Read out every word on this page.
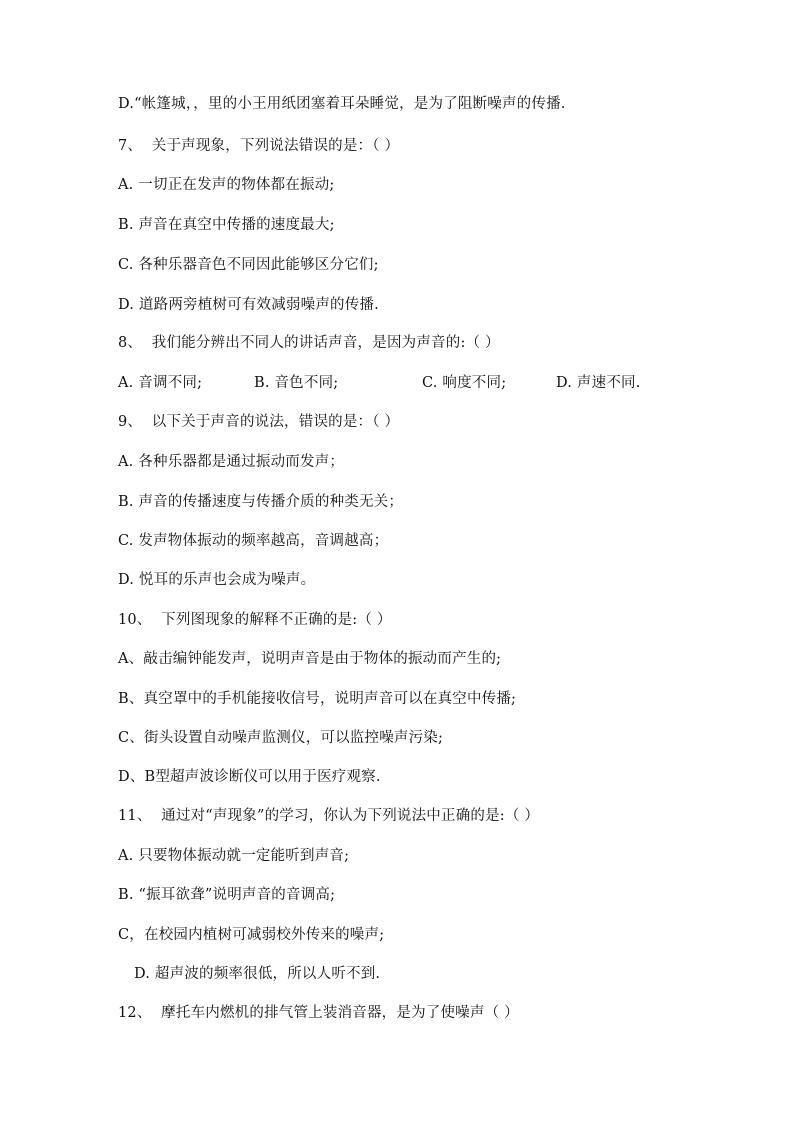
D.“帐篷城，，里的小王用纸团塞着耳朵睡觉，是为了阻断噪声的传播.
7、  关于声现象，下列说法错误的是：（ ）
A. 一切正在发声的物体都在振动;
B. 声音在真空中传播的速度最大;
C. 各种乐器音色不同因此能够区分它们;
D. 道路两旁植树可有效减弱噪声的传播.
8、  我们能分辨出不同人的讲话声音，是因为声音的:（ ）

A. 音调不同;

	B. 音色不同;

	C. 响度不同;

	D. 声速不同.

9、  以下关于声音的说法，错误的是：（ ）
A. 各种乐器都是通过振动而发声；
B. 声音的传播速度与传播介质的种类无关；
C. 发声物体振动的频率越高，音调越高；
D. 悦耳的乐声也会成为噪声。
10、  下列图现象的解释不正确的是:（ ）
A、敲击编钟能发声，说明声音是由于物体的振动而产生的;
B、真空罩中的手机能接收信号，说明声音可以在真空中传播;
C、街头设置自动噪声监测仪，可以监控噪声污染;
D、B型超声波诊断仪可以用于医疗观察.
11、  通过对“声现象”的学习，你认为下列说法中正确的是:（ ）
A. 只要物体振动就一定能听到声音;
B. “振耳欲聋”说明声音的音调高;
C，在校园内植树可减弱校外传来的噪声;
D. 超声波的频率很低，所以人听不到.
12、  摩托车内燃机的排气管上装消音器，是为了使噪声（ ）
